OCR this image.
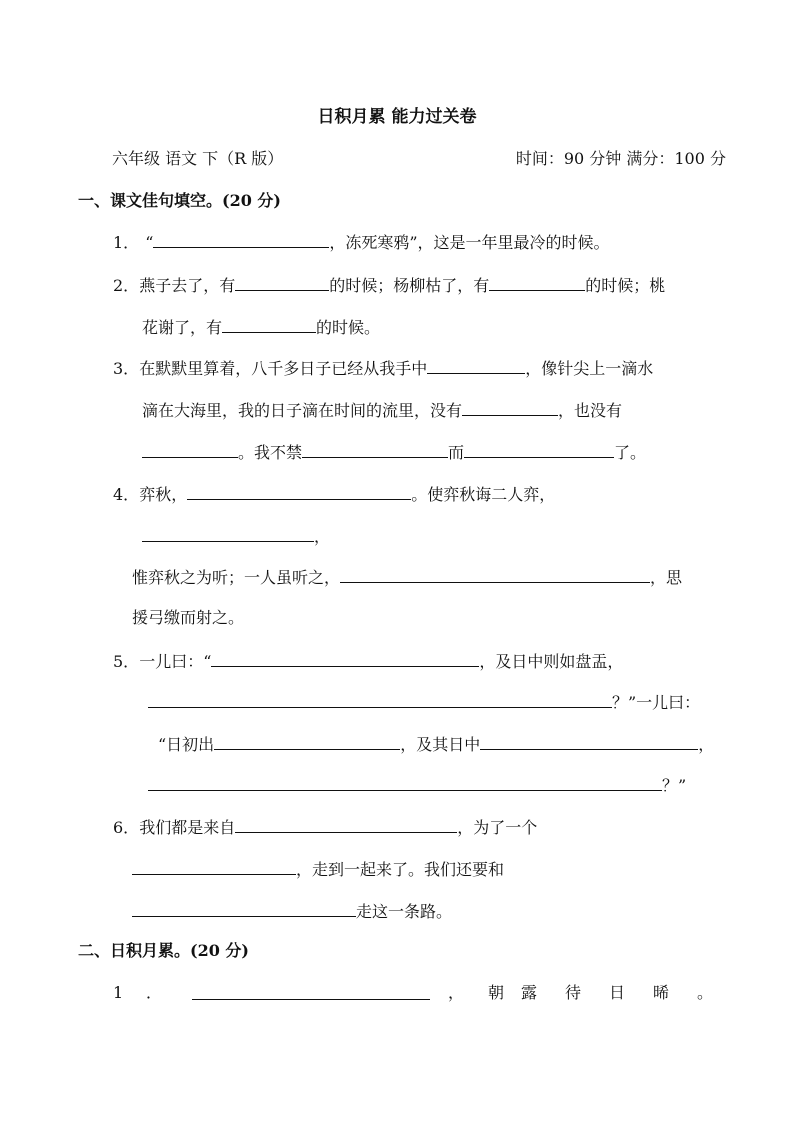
日积月累 能力过关卷
六年级 语文 下（R 版）	时间：90 分钟 满分：100 分
一、课文佳句填空。(20 分)
1． “	，冻死寒鸦”，这是一年里最冷的时候。
2．燕子去了，有	的时候；杨柳枯了，有	的时候；桃
花谢了，有	的时候。
3．在默默里算着，八千多日子已经从我手中	，像针尖上一滴水
滴在大海里，我的日子滴在时间的流里，没有	，也没有
。我不禁	而	了。
4．弈秋，	。使弈秋诲二人弈，
，
惟弈秋之为听；一人虽听之，	，思
援弓缴而射之。
5．一儿曰：“	，及日中则如盘盂，
？”一儿曰：
“日初出	，及其日中	，
？”
6．我们都是来自	，为了一个
，走到一起来了。我们还要和
走这一条路。
二、日积月累。(20 分)
1 ．	， 朝 露 待 日 晞 。
